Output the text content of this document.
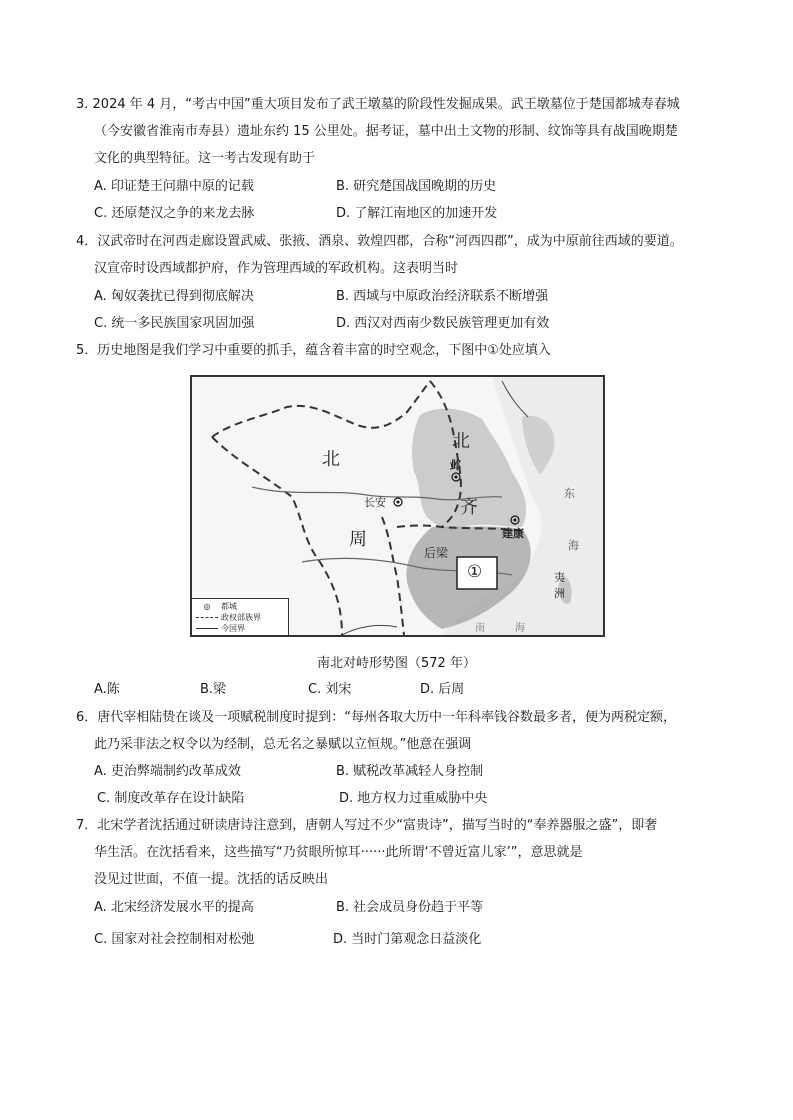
3. 2024 年 4 月，“考古中国”重大项目发布了武王墩墓的阶段性发掘成果。武王墩墓位于楚国都城寿春城
（今安徽省淮南市寿县）遗址东约 15 公里处。据考证，墓中出土文物的形制、纹饰等具有战国晚期楚
文化的典型特征。这一考古发现有助于
A. 印证楚王问鼎中原的记载	B. 研究楚国战国晚期的历史
C. 还原楚汉之争的来龙去脉	D. 了解江南地区的加速开发
4．汉武帝时在河西走廊设置武威、张掖、酒泉、敦煌四郡，合称“河西四郡”，成为中原前往西域的要道。
汉宣帝时设西域都护府，作为管理西域的军政机构。这表明当时
A. 匈奴袭扰已得到彻底解决	B. 西域与中原政治经济联系不断增强
C. 统一多民族国家巩固加强	D. 西汉对西南少数民族管理更加有效
5．历史地图是我们学习中重要的抓手，蕴含着丰富的时空观念，下图中①处应填入
北
周
北
齐
邺
长安
建康
后梁
①
东
海
夷
洲
南	海
◎	都城
政权部族界
今国界
南北对峙形势图（572 年）
A.陈	B.梁	C. 刘宋	D. 后周
6．唐代宰相陆贽在谈及一项赋税制度时提到：“每州各取大历中一年科率钱谷数最多者，便为两税定额，
此乃采非法之权令以为经制，总无名之暴赋以立恒规。”他意在强调
A. 吏治弊端制约改革成效	B. 赋税改革减轻人身控制
C. 制度改革存在设计缺陷	D. 地方权力过重威胁中央
7．北宋学者沈括通过研读唐诗注意到，唐朝人写过不少“富贵诗”，描写当时的“奉养器服之盛”，即奢
华生活。在沈括看来，这些描写“乃贫眼所惊耳······此所谓‘不曾近富儿家’”，意思就是
没见过世面，不值一提。沈括的话反映出
A. 北宋经济发展水平的提高	B. 社会成员身份趋于平等
C. 国家对社会控制相对松弛	D. 当时门第观念日益淡化
